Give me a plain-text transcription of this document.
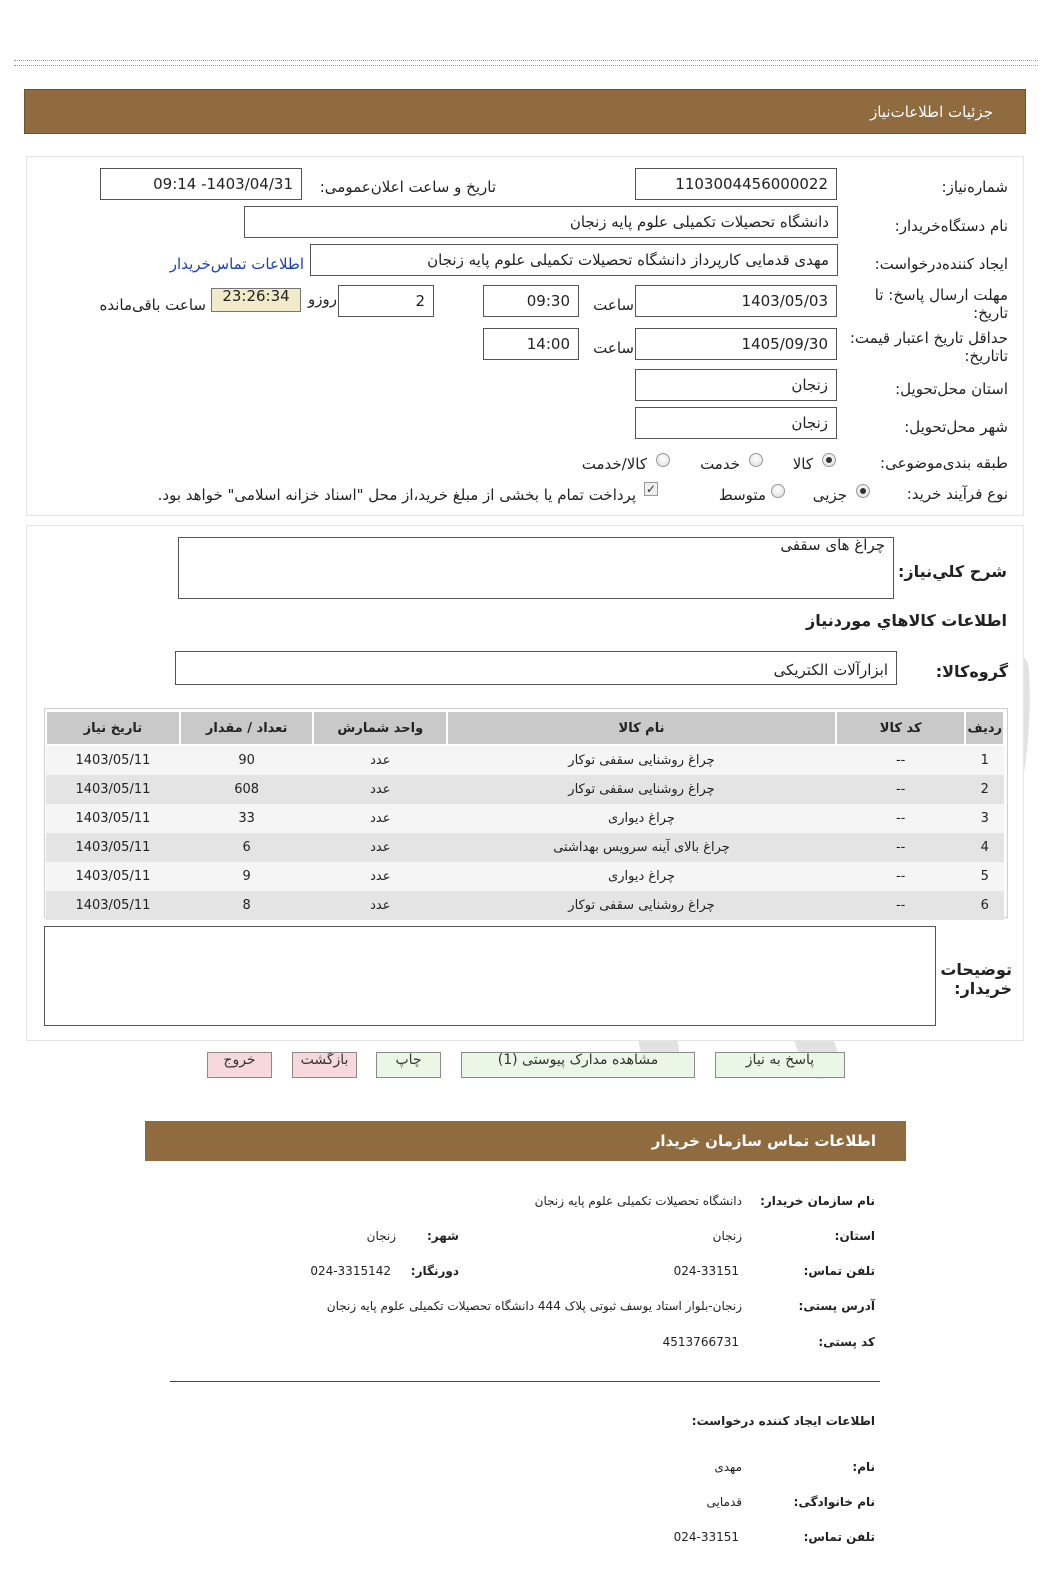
جزئیات اطلاعات‌نیاز
شماره‌نیاز:
1103004456000022
تاریخ و ساعت اعلان‌عمومی:
1403/04/31- 09:14
نام دستگاه‌خریدار:
دانشگاه تحصیلات تکمیلی علوم پایه زنجان
ایجاد کننده‌درخواست:
مهدی قدمایی کارپرداز دانشگاه تحصیلات تکمیلی علوم پایه زنجان
اطلاعات تماس‌خریدار
مهلت ارسال پاسخ: تا تاریخ:
1403/05/03
ساعت
09:30
2
روزو
23:26:34
ساعت باقی‌مانده
حداقل تاریخ اعتبار قیمت: تاتاریخ:
1405/09/30
ساعت
14:00
استان محل‌تحویل:
زنجان
شهر محل‌تحویل:
زنجان
طبقه بندی‌موضوعی:
کالا
خدمت
کالا/خدمت
نوع فرآیند خرید:
جزیی
متوسط
✓
پرداخت تمام یا بخشی از مبلغ خرید،از محل "اسناد خزانه اسلامی" خواهد بود.
شرح کلي‌نياز:
چراغ های سقفی
اطلاعات کالاهاي موردنياز
گروه‌کالا:
ابزارآلات الکتریکی
ردیف	کد کالا	نام کالا	واحد شمارش	تعداد / مقدار	تاریخ نیاز
1	--	چراغ روشنایی سقفی توکار	عدد	90	1403/05/11
2	--	چراغ روشنایی سقفی توکار	عدد	608	1403/05/11
3	--	چراغ دیواری	عدد	33	1403/05/11
4	--	چراغ بالای آینه سرویس بهداشتی	عدد	6	1403/05/11
5	--	چراغ دیواری	عدد	9	1403/05/11
6	--	چراغ روشنایی سقفی توکار	عدد	8	1403/05/11
توضیحات خریدار:
پاسخ به نیاز
مشاهده مدارک پیوستی (1)
چاپ
بازگشت
خروج
اطلاعات تماس سازمان خریدار
نام سازمان خریدار:
دانشگاه تحصیلات تکمیلی علوم پایه زنجان
استان:
زنجان
شهر:
زنجان
تلفن تماس:
024-33151
دورنگار:
024-3315142
آدرس پستی:
زنجان-بلوار استاد یوسف ثبوتی پلاک 444 دانشگاه تحصیلات تکمیلی علوم پایه زنجان
کد پستی:
4513766731
اطلاعات ایجاد کننده درخواست:
نام:
مهدی
نام خانوادگی:
قدمایی
تلفن تماس:
024-33151
